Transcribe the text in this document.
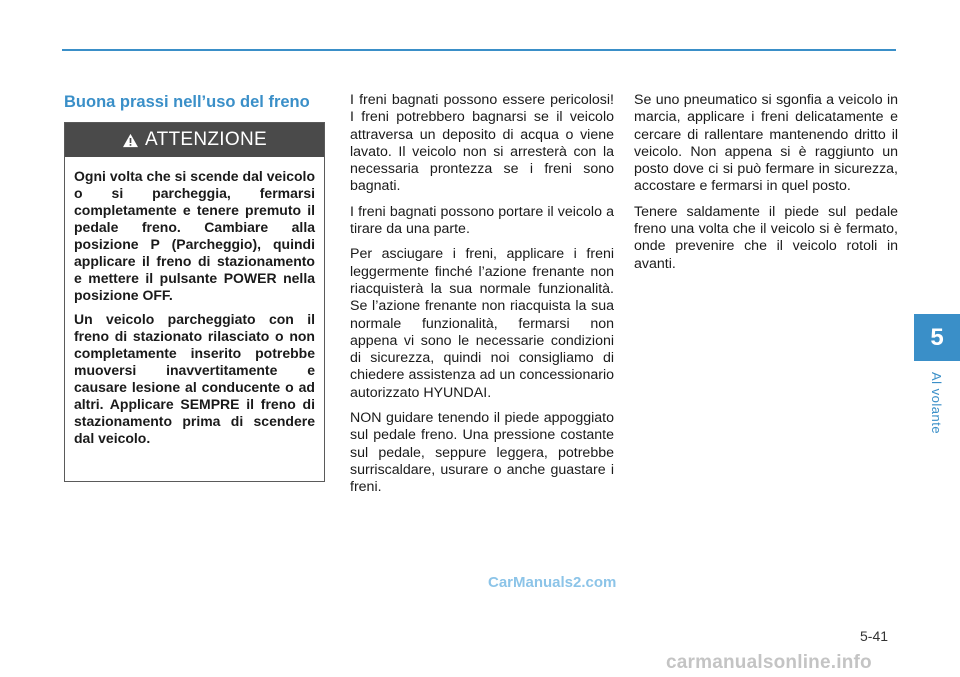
Buona prassi nell’uso del freno
ATTENZIONE

Ogni volta che si scende dal veicolo o si parcheggia, fermarsi completamente e tenere premuto il pedale freno. Cambiare alla posizione P (Parcheggio), quindi applicare il freno di stazionamento e mettere il pulsante POWER nella posizione OFF.

Un veicolo parcheggiato con il freno di stazionato rilasciato o non completamente inserito potrebbe muoversi inavvertitamente e causare lesione al conducente o ad altri. Applicare SEMPRE il freno di stazionamento prima di scendere dal veicolo.

I freni bagnati possono essere pericolosi! I freni potrebbero bagnarsi se il veicolo attraversa un deposito di acqua o viene lavato. Il veicolo non si arresterà con la necessaria prontezza se i freni sono bagnati.

I freni bagnati possono portare il veicolo a tirare da una parte.

Per asciugare i freni, applicare i freni leggermente finché l’azione frenante non riacquisterà la sua normale funzionalità. Se l’azione frenante non riacquista la sua normale funzionalità, fermarsi non appena vi sono le necessarie condizioni di sicurezza, quindi noi consigliamo di chiedere assistenza ad un concessionario autorizzato HYUNDAI.

NON guidare tenendo il piede appoggiato sul pedale freno. Una pressione costante sul pedale, seppure leggera, potrebbe surriscaldare, usurare o anche guastare i freni.

Se uno pneumatico si sgonfia a veicolo in marcia, applicare i freni delicatamente e cercare di rallentare mantenendo dritto il veicolo. Non appena si è raggiunto un posto dove ci si può fermare in sicurezza, accostare e fermarsi in quel posto.

Tenere saldamente il piede sul pedale freno una volta che il veicolo si è fermato, onde prevenire che il veicolo rotoli in avanti.

5
Al volante
CarManuals2.com
5-41
carmanualsonline.info
